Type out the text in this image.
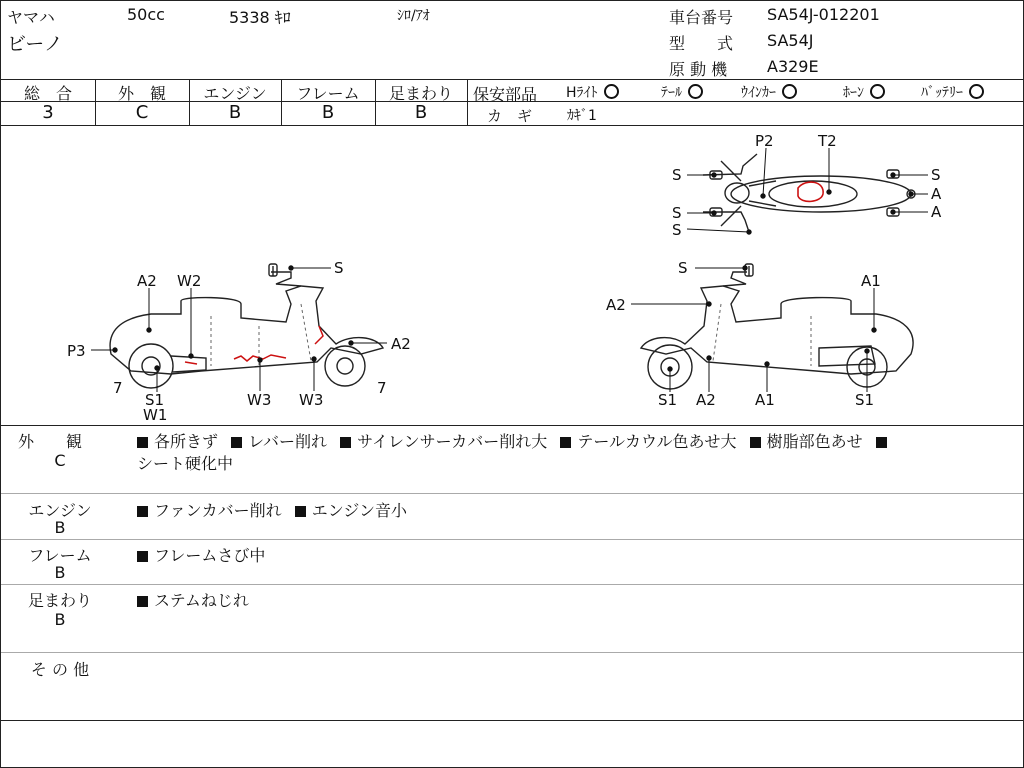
ヤマハ	50cc	5338 ｷﾛ	ｼﾛ/ｱｵ
ビーノ
車台番号 SA54J-012201
型　　式 SA54J
原 動 機 A329E
総　合	外　観	エンジン	フレーム	足まわり
3	C	B	B	B
保安部品 Hﾗｲﾄ	ﾃｰﾙ	ｳｲﾝｶｰ	ﾎｰﾝ	ﾊﾞｯﾃﾘｰ
カ　ギ ｶｷﾞ1
P2	T2
S
S
S
S
A
A
S
A2 W2
A2
P3
7
S1
W1
W3 W3
7
S
A1
A2
S1 A2	A1	S1
外　　観
C
各所きず レバー削れ サイレンサーカバー削れ大 テールカウル色あせ大 樹脂部色あせ
シート硬化中
エンジン
B
ファンカバー削れ エンジン音小
フレーム
B
フレームさび中
足まわり
B
ステムねじれ
そ の 他
